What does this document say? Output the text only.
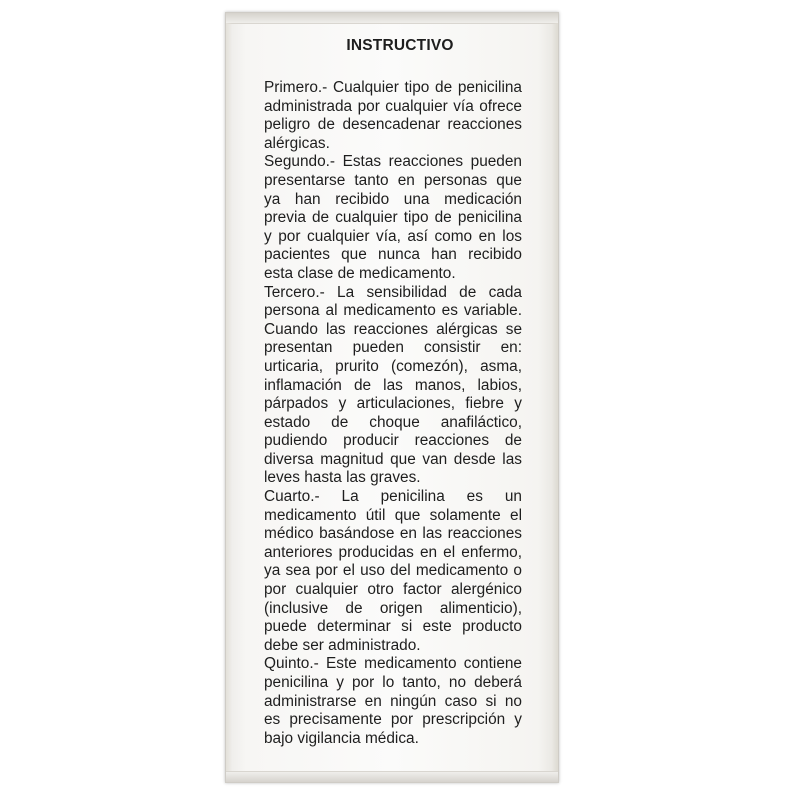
INSTRUCTIVO

Primero.- Cualquier tipo de penicilina administrada por cualquier vía ofrece peligro de desencadenar reacciones alérgicas.

Segundo.- Estas reacciones pueden presentarse tanto en personas que ya han recibido una medicación previa de cualquier tipo de penicilina y por cualquier vía, así como en los pacientes que nunca han recibido esta clase de medicamento.

Tercero.- La sensibilidad de cada persona al medicamento es variable. Cuando las reacciones alérgicas se presentan pueden consistir en: urticaria, prurito (comezón), asma, inflamación de las manos, labios, párpados y articulaciones, fiebre y estado de choque anafiláctico, pudiendo producir reacciones de diversa magnitud que van desde las leves hasta las graves.

Cuarto.- La penicilina es un medicamento útil que solamente el médico basándose en las reacciones anteriores producidas en el enfermo, ya sea por el uso del medicamento o por cualquier otro factor alergénico (inclusive de origen alimenticio), puede determinar si este producto debe ser administrado.

Quinto.- Este medicamento contiene penicilina y por lo tanto, no deberá administrarse en ningún caso si no es precisamente por prescripción y bajo vigilancia médica.
